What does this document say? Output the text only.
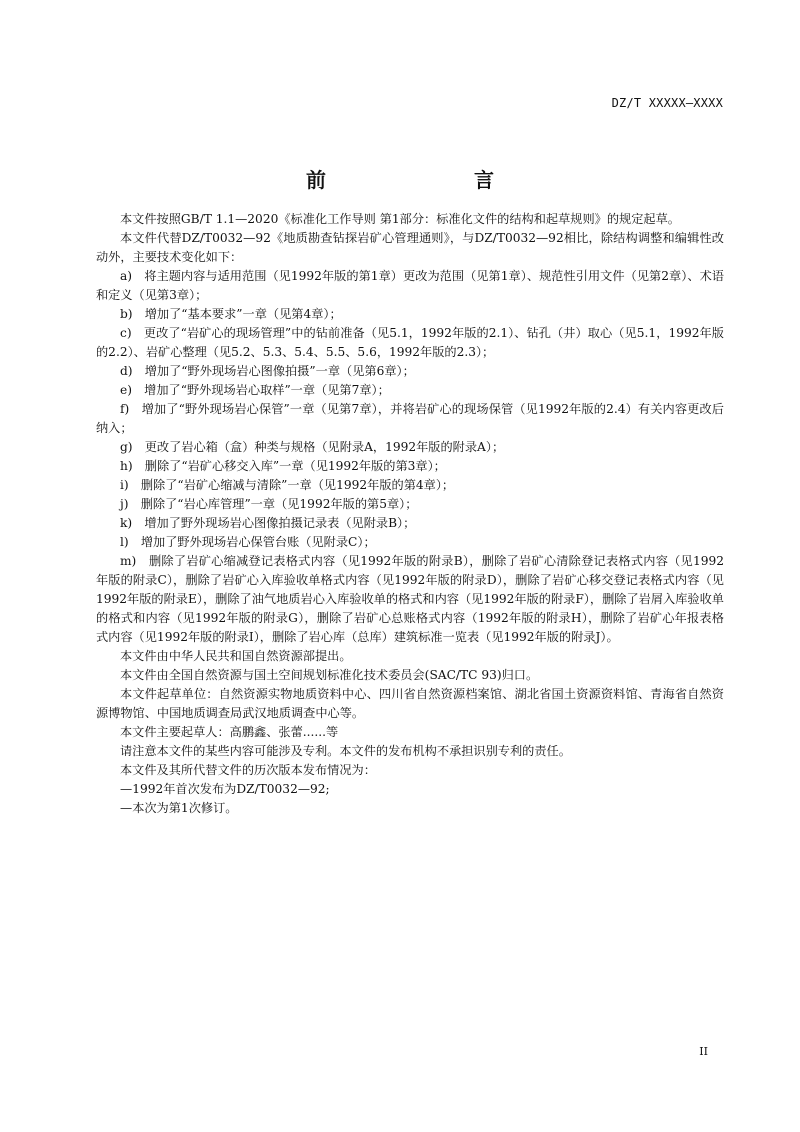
DZ/T XXXXX—XXXX
前　　言

本文件按照GB/T 1.1—2020《标准化工作导则 第1部分：标准化文件的结构和起草规则》的规定起草。

本文件代替DZ/T0032—92《地质勘查钻探岩矿心管理通则》，与DZ/T0032—92相比，除结构调整和编辑性改动外，主要技术变化如下：

a)　将主题内容与适用范围（见1992年版的第1章）更改为范围（见第1章）、规范性引用文件（见第2章）、术语和定义（见第3章）；

b)　增加了“基本要求”一章（见第4章）；

c)　更改了“岩矿心的现场管理”中的钻前准备（见5.1，1992年版的2.1）、钻孔（井）取心（见5.1，1992年版的2.2）、岩矿心整理（见5.2、5.3、5.4、5.5、5.6，1992年版的2.3）；

d)　增加了“野外现场岩心图像拍摄”一章（见第6章）；

e)　增加了“野外现场岩心取样”一章（见第7章）；

f)　增加了“野外现场岩心保管”一章（见第7章），并将岩矿心的现场保管（见1992年版的2.4）有关内容更改后纳入；

g)　更改了岩心箱（盒）种类与规格（见附录A，1992年版的附录A）；

h)　删除了“岩矿心移交入库”一章（见1992年版的第3章）；

i)　删除了“岩矿心缩减与清除”一章（见1992年版的第4章）；

j)　删除了“岩心库管理”一章（见1992年版的第5章）；

k)　增加了野外现场岩心图像拍摄记录表（见附录B）；

l)　增加了野外现场岩心保管台账（见附录C）；

m)　删除了岩矿心缩减登记表格式内容（见1992年版的附录B），删除了岩矿心清除登记表格式内容（见1992年版的附录C），删除了岩矿心入库验收单格式内容（见1992年版的附录D），删除了岩矿心移交登记表格式内容（见1992年版的附录E），删除了油气地质岩心入库验收单的格式和内容（见1992年版的附录F），删除了岩屑入库验收单的格式和内容（见1992年版的附录G），删除了岩矿心总账格式内容（1992年版的附录H），删除了岩矿心年报表格式内容（见1992年版的附录I），删除了岩心库（总库）建筑标准一览表（见1992年版的附录J）。

本文件由中华人民共和国自然资源部提出。

本文件由全国自然资源与国土空间规划标准化技术委员会(SAC/TC 93)归口。

本文件起草单位：自然资源实物地质资料中心、四川省自然资源档案馆、湖北省国土资源资料馆、青海省自然资源博物馆、中国地质调查局武汉地质调查中心等。

本文件主要起草人：高鹏鑫、张蕾......等

请注意本文件的某些内容可能涉及专利。本文件的发布机构不承担识别专利的责任。

本文件及其所代替文件的历次版本发布情况为：

—1992年首次发布为DZ/T0032—92;

—本次为第1次修订。

II
